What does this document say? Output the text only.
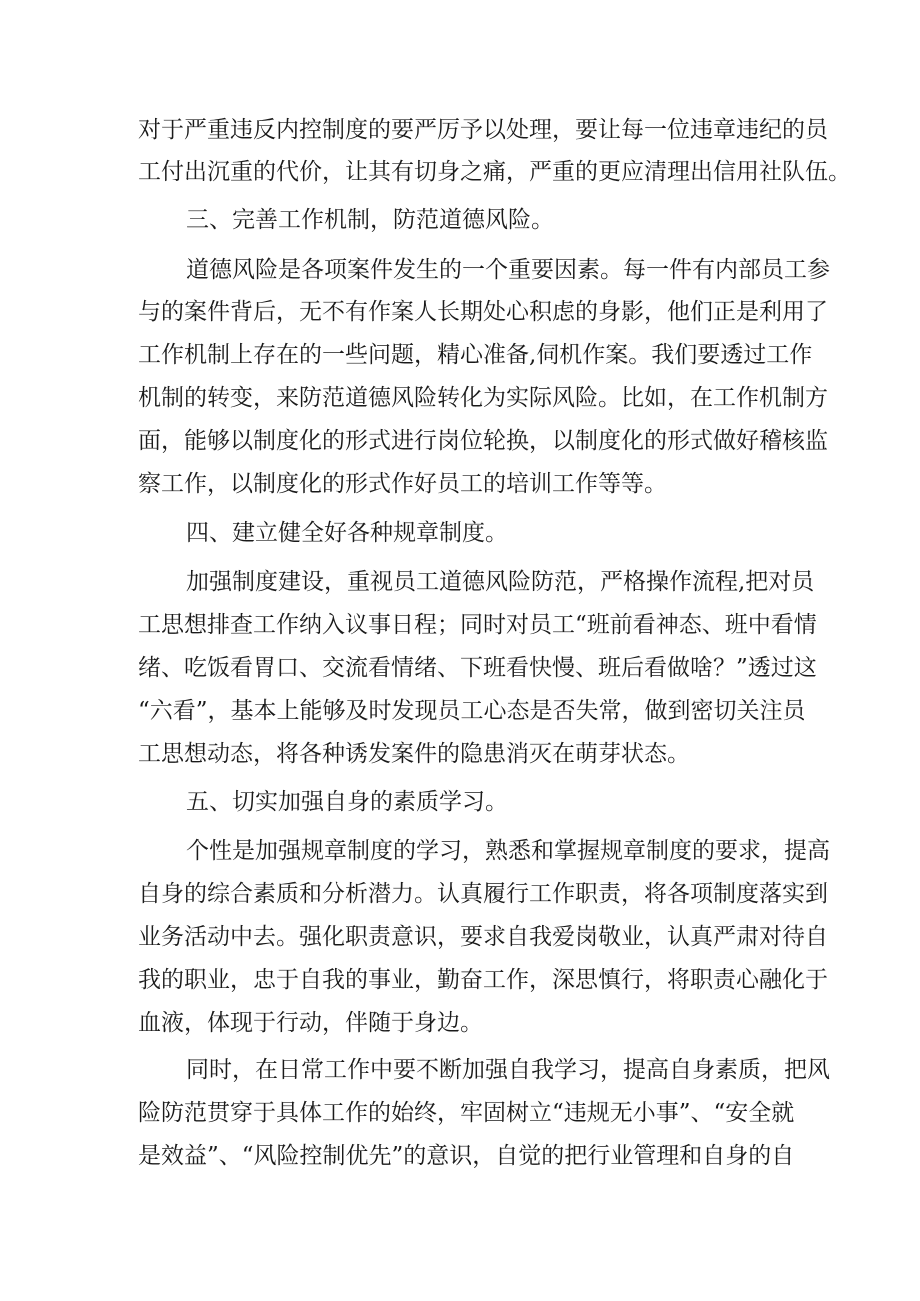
对于严重违反内控制度的要严厉予以处理，要让每一位违章违纪的员
工付出沉重的代价，让其有切身之痛，严重的更应清理出信用社队伍。
三、完善工作机制，防范道德风险。
道德风险是各项案件发生的一个重要因素。每一件有内部员工参
与的案件背后，无不有作案人长期处心积虑的身影，他们正是利用了
工作机制上存在的一些问题，精心准备,伺机作案。我们要透过工作
机制的转变，来防范道德风险转化为实际风险。比如，在工作机制方
面，能够以制度化的形式进行岗位轮换，以制度化的形式做好稽核监
察工作，以制度化的形式作好员工的培训工作等等。
四、建立健全好各种规章制度。
加强制度建设，重视员工道德风险防范，严格操作流程,把对员
工思想排查工作纳入议事日程；同时对员工“班前看神态、班中看情
绪、吃饭看胃口、交流看情绪、下班看快慢、班后看做啥？”透过这
“六看”，基本上能够及时发现员工心态是否失常，做到密切关注员
工思想动态，将各种诱发案件的隐患消灭在萌芽状态。
五、切实加强自身的素质学习。
个性是加强规章制度的学习，熟悉和掌握规章制度的要求，提高
自身的综合素质和分析潜力。认真履行工作职责，将各项制度落实到
业务活动中去。强化职责意识，要求自我爱岗敬业，认真严肃对待自
我的职业，忠于自我的事业，勤奋工作，深思慎行，将职责心融化于
血液，体现于行动，伴随于身边。
同时，在日常工作中要不断加强自我学习，提高自身素质，把风
险防范贯穿于具体工作的始终，牢固树立“违规无小事”、“安全就
是效益”、“风险控制优先”的意识，自觉的把行业管理和自身的自
